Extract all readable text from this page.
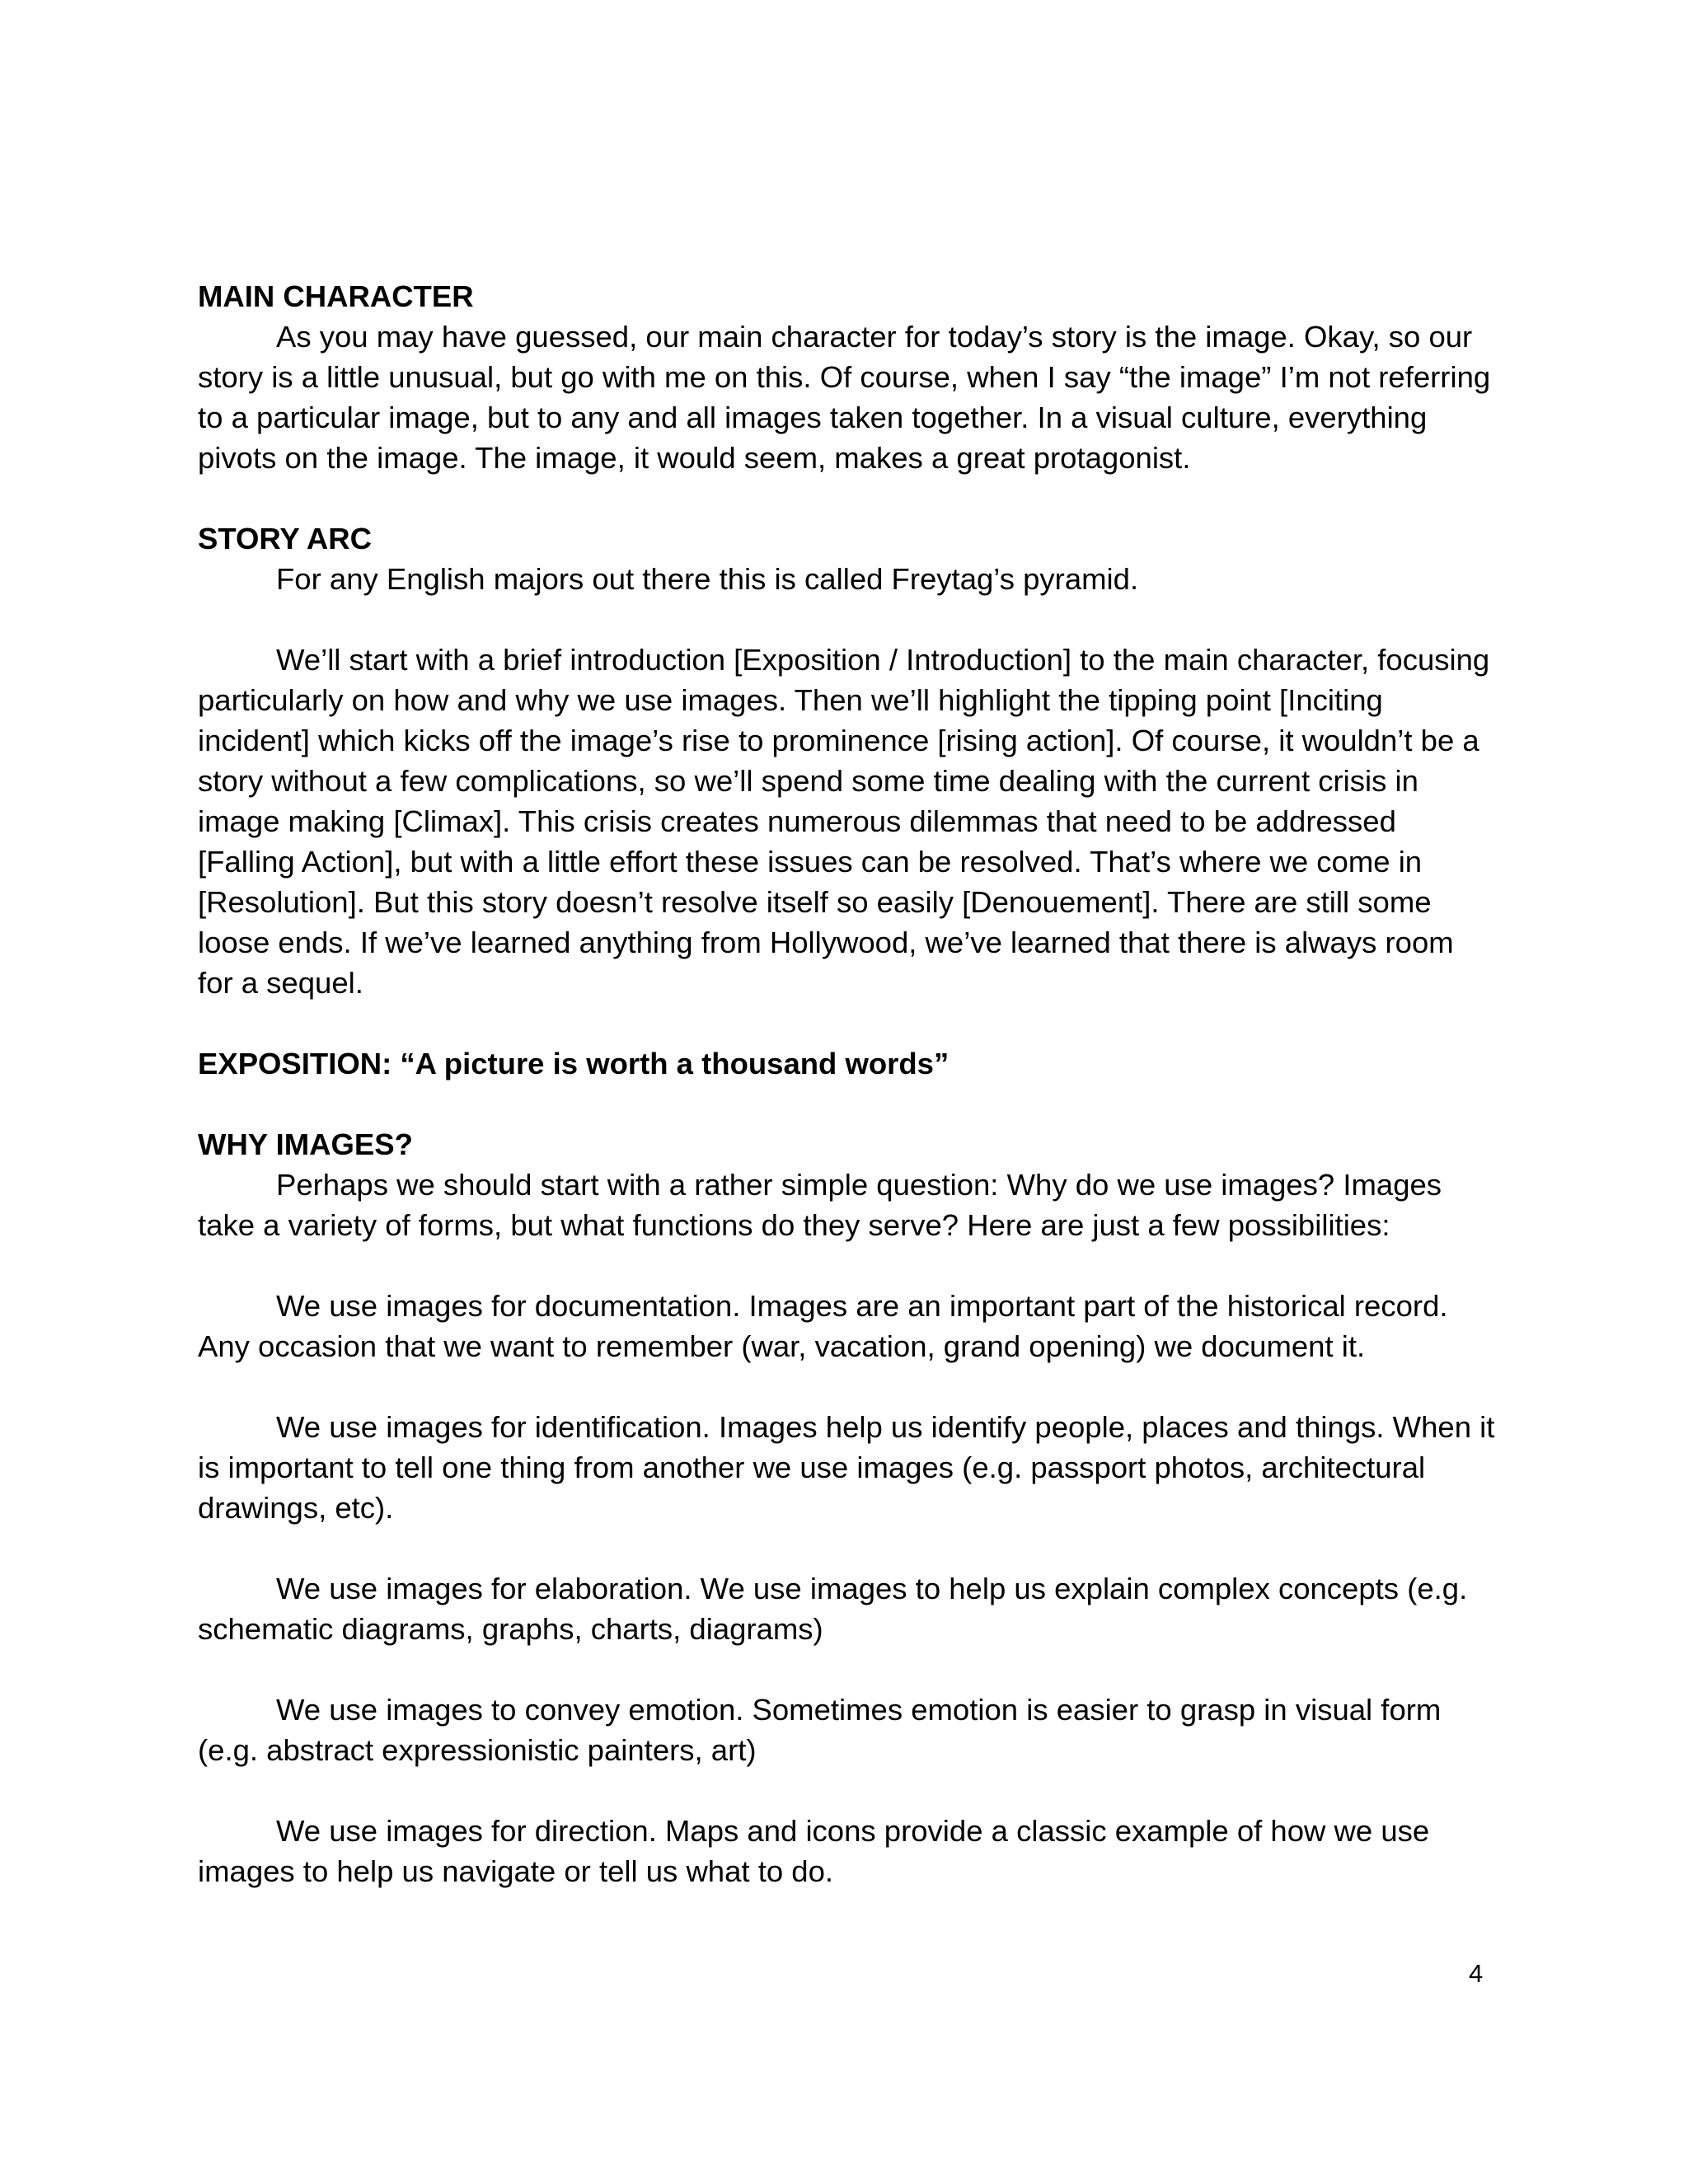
MAIN CHARACTER

As you may have guessed, our main character for today’s story is the image. Okay, so our story is a little unusual, but go with me on this. Of course, when I say “the image” I’m not referring to a particular image, but to any and all images taken together. In a visual culture, everything pivots on the image. The image, it would seem, makes a great protagonist.

STORY ARC

For any English majors out there this is called Freytag’s pyramid.

We’ll start with a brief introduction [Exposition / Introduction] to the main character, focusing particularly on how and why we use images. Then we’ll highlight the tipping point [Inciting incident] which kicks off the image’s rise to prominence [rising action]. Of course, it wouldn’t be a story without a few complications, so we’ll spend some time dealing with the current crisis in image making [Climax]. This crisis creates numerous dilemmas that need to be addressed [Falling Action], but with a little effort these issues can be resolved. That’s where we come in [Resolution]. But this story doesn’t resolve itself so easily [Denouement]. There are still some loose ends. If we’ve learned anything from Hollywood, we’ve learned that there is always room for a sequel.

EXPOSITION: “A picture is worth a thousand words”

WHY IMAGES?

Perhaps we should start with a rather simple question: Why do we use images? Images take a variety of forms, but what functions do they serve? Here are just a few possibilities:

We use images for documentation. Images are an important part of the historical record. Any occasion that we want to remember (war, vacation, grand opening) we document it.

We use images for identification. Images help us identify people, places and things. When it is important to tell one thing from another we use images (e.g. passport photos, architectural drawings, etc).

We use images for elaboration. We use images to help us explain complex concepts (e.g. schematic diagrams, graphs, charts, diagrams)

We use images to convey emotion. Sometimes emotion is easier to grasp in visual form (e.g. abstract expressionistic painters, art)

We use images for direction. Maps and icons provide a classic example of how we use images to help us navigate or tell us what to do.

4
